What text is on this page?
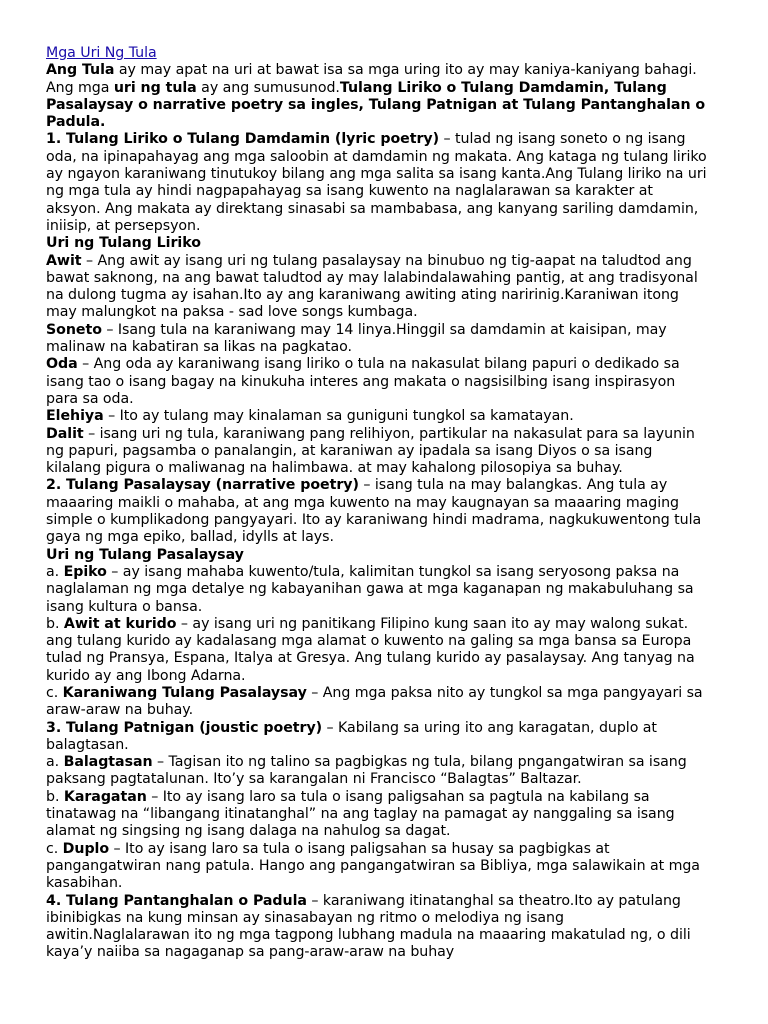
Mga Uri Ng Tula
Ang Tula ay may apat na uri at bawat isa sa mga uring ito ay may kaniya-kaniyang bahagi.
Ang mga uri ng tula ay ang sumusunod.Tulang Liriko o Tulang Damdamin, Tulang
Pasalaysay o narrative poetry sa ingles, Tulang Patnigan at Tulang Pantanghalan o
Padula.
1. Tulang Liriko o Tulang Damdamin (lyric poetry) – tulad ng isang soneto o ng isang
oda, na ipinapahayag ang mga saloobin at damdamin ng makata. Ang kataga ng tulang liriko
ay ngayon karaniwang tinutukoy bilang ang mga salita sa isang kanta.Ang Tulang liriko na uri
ng mga tula ay hindi nagpapahayag sa isang kuwento na naglalarawan sa karakter at
aksyon. Ang makata ay direktang sinasabi sa mambabasa, ang kanyang sariling damdamin,
iniisip, at persepsyon.
Uri ng Tulang Liriko
Awit – Ang awit ay isang uri ng tulang pasalaysay na binubuo ng tig-aapat na taludtod ang
bawat saknong, na ang bawat taludtod ay may lalabindalawahing pantig, at ang tradisyonal
na dulong tugma ay isahan.Ito ay ang karaniwang awiting ating naririnig.Karaniwan itong
may malungkot na paksa - sad love songs kumbaga.
Soneto – Isang tula na karaniwang may 14 linya.Hinggil sa damdamin at kaisipan, may
malinaw na kabatiran sa likas na pagkatao.
Oda – Ang oda ay karaniwang isang liriko o tula na nakasulat bilang papuri o dedikado sa
isang tao o isang bagay na kinukuha interes ang makata o nagsisilbing isang inspirasyon
para sa oda.
Elehiya – Ito ay tulang may kinalaman sa guniguni tungkol sa kamatayan.
Dalit – isang uri ng tula, karaniwang pang relihiyon, partikular na nakasulat para sa layunin
ng papuri, pagsamba o panalangin, at karaniwan ay ipadala sa isang Diyos o sa isang
kilalang pigura o maliwanag na halimbawa. at may kahalong pilosopiya sa buhay.
2. Tulang Pasalaysay (narrative poetry) – isang tula na may balangkas. Ang tula ay
maaaring maikli o mahaba, at ang mga kuwento na may kaugnayan sa maaaring maging
simple o kumplikadong pangyayari. Ito ay karaniwang hindi madrama, nagkukuwentong tula
gaya ng mga epiko, ballad, idylls at lays.
Uri ng Tulang Pasalaysay
a. Epiko – ay isang mahaba kuwento/tula, kalimitan tungkol sa isang seryosong paksa na
naglalaman ng mga detalye ng kabayanihan gawa at mga kaganapan ng makabuluhang sa
isang kultura o bansa.
b. Awit at kurido – ay isang uri ng panitikang Filipino kung saan ito ay may walong sukat.
ang tulang kurido ay kadalasang mga alamat o kuwento na galing sa mga bansa sa Europa
tulad ng Pransya, Espana, Italya at Gresya. Ang tulang kurido ay pasalaysay. Ang tanyag na
kurido ay ang Ibong Adarna.
c. Karaniwang Tulang Pasalaysay – Ang mga paksa nito ay tungkol sa mga pangyayari sa
araw-araw na buhay.
3. Tulang Patnigan (joustic poetry) – Kabilang sa uring ito ang karagatan, duplo at
balagtasan.
a. Balagtasan – Tagisan ito ng talino sa pagbigkas ng tula, bilang pngangatwiran sa isang
paksang pagtatalunan. Ito’y sa karangalan ni Francisco “Balagtas” Baltazar.
b. Karagatan – Ito ay isang laro sa tula o isang paligsahan sa pagtula na kabilang sa
tinatawag na “libangang itinatanghal” na ang taglay na pamagat ay nanggaling sa isang
alamat ng singsing ng isang dalaga na nahulog sa dagat.
c. Duplo – Ito ay isang laro sa tula o isang paligsahan sa husay sa pagbigkas at
pangangatwiran nang patula. Hango ang pangangatwiran sa Bibliya, mga salawikain at mga
kasabihan.
4. Tulang Pantanghalan o Padula – karaniwang itinatanghal sa theatro.Ito ay patulang
ibinibigkas na kung minsan ay sinasabayan ng ritmo o melodiya ng isang
awitin.Naglalarawan ito ng mga tagpong lubhang madula na maaaring makatulad ng, o dili
kaya’y naiiba sa nagaganap sa pang-araw-araw na buhay
